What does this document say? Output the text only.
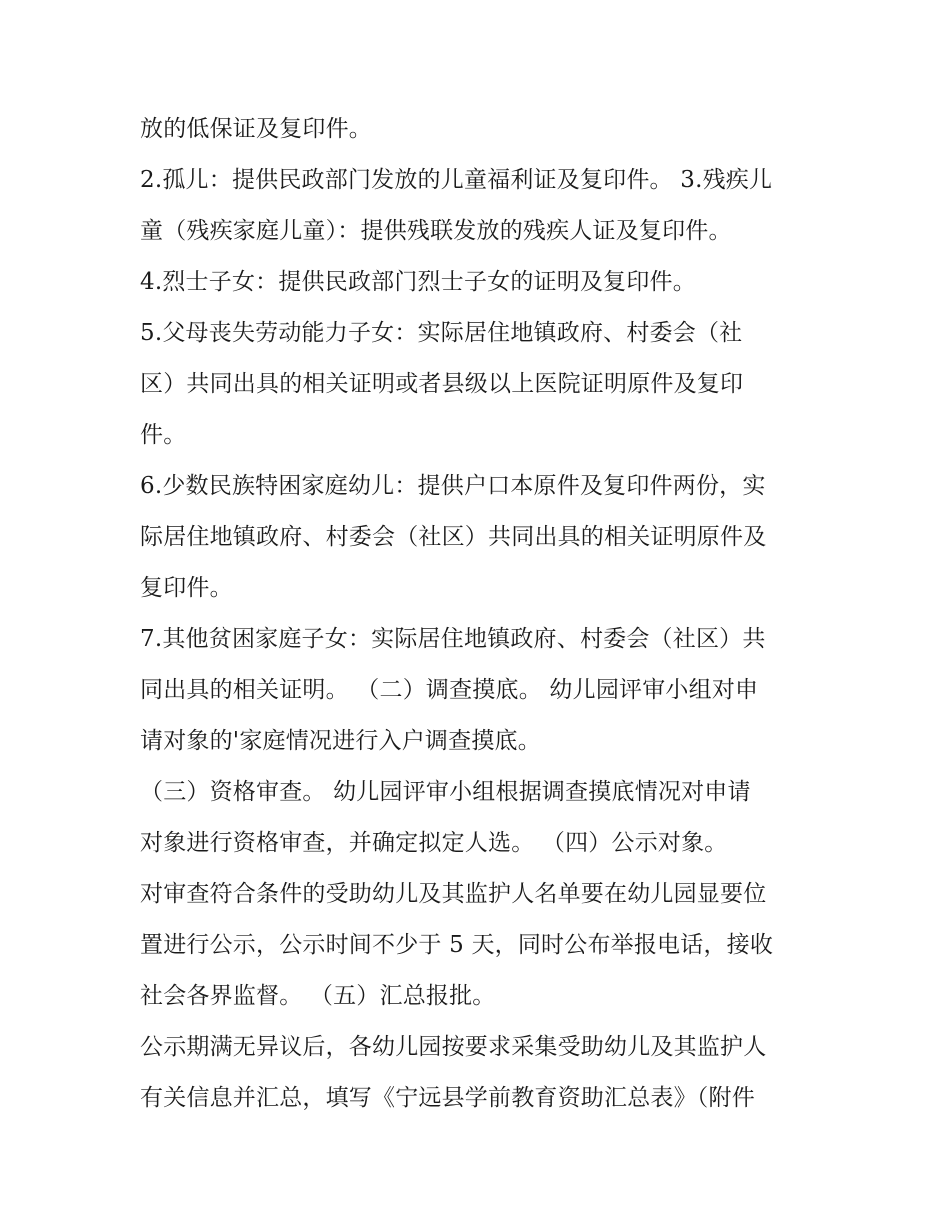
放的低保证及复印件。
2.孤儿：提供民政部门发放的儿童福利证及复印件。 3.残疾儿
童（残疾家庭儿童）：提供残联发放的残疾人证及复印件。
4.烈士子女：提供民政部门烈士子女的证明及复印件。
5.父母丧失劳动能力子女：实际居住地镇政府、村委会（社
区）共同出具的相关证明或者县级以上医院证明原件及复印
件。
6.少数民族特困家庭幼儿：提供户口本原件及复印件两份，实
际居住地镇政府、村委会（社区）共同出具的相关证明原件及
复印件。
7.其他贫困家庭子女：实际居住地镇政府、村委会（社区）共
同出具的相关证明。 （二）调查摸底。 幼儿园评审小组对申
请对象的'家庭情况进行入户调查摸底。
（三）资格审查。 幼儿园评审小组根据调查摸底情况对申请
对象进行资格审查，并确定拟定人选。 （四）公示对象。
对审查符合条件的受助幼儿及其监护人名单要在幼儿园显要位
置进行公示，公示时间不少于 5 天，同时公布举报电话，接收
社会各界监督。 （五）汇总报批。
公示期满无异议后，各幼儿园按要求采集受助幼儿及其监护人
有关信息并汇总，填写《宁远县学前教育资助汇总表》（附件
